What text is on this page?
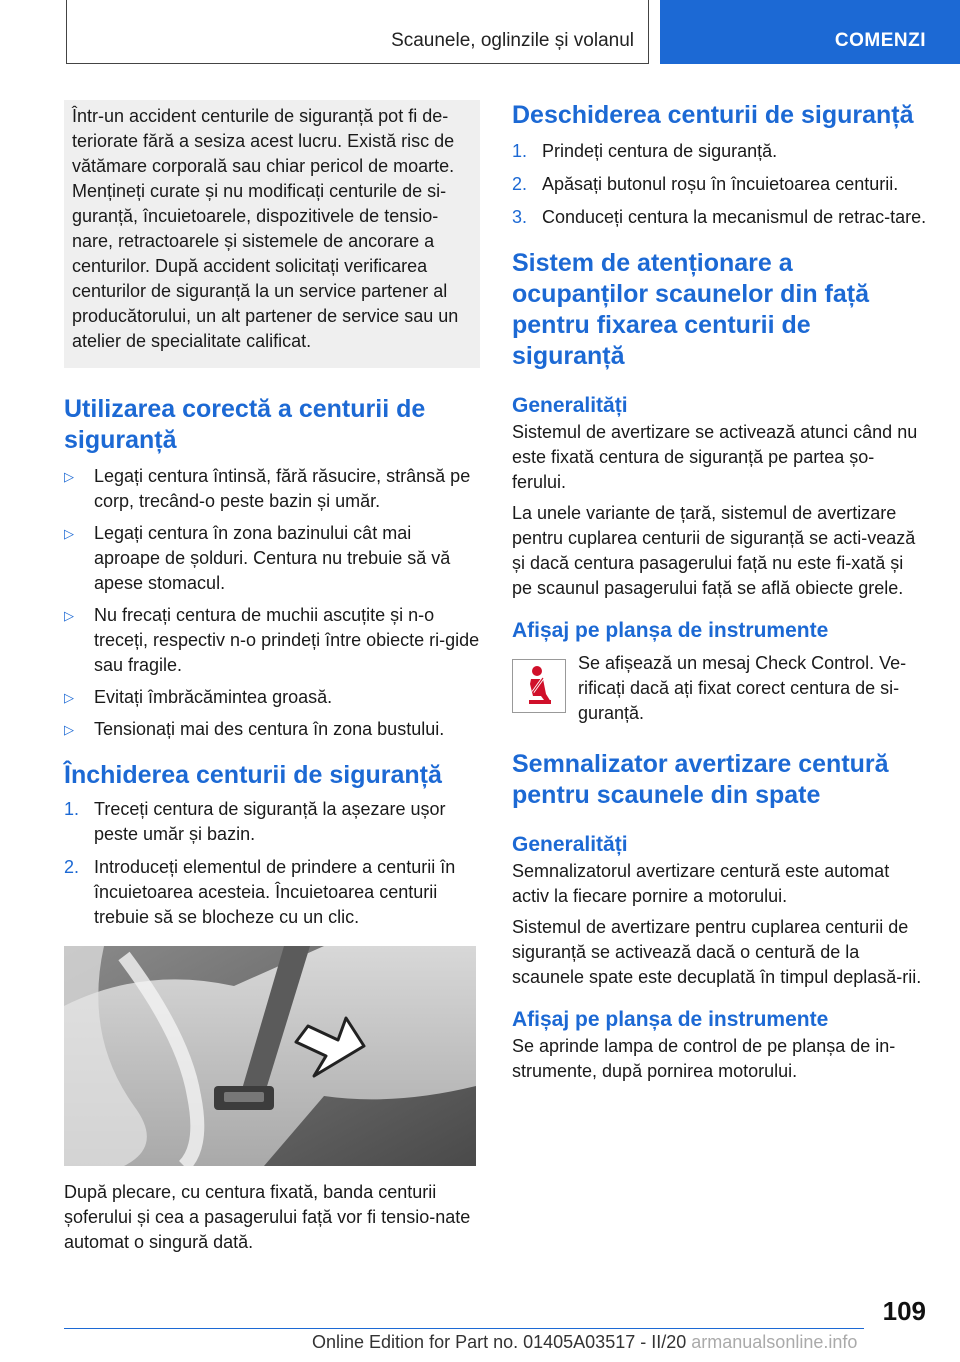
Scaunele, oglinzile și volanul	COMENZI

Într-un accident centurile de siguranță pot fi de-teriorate fără a sesiza acest lucru. Există risc de vătămare corporală sau chiar pericol de moarte. Mențineți curate și nu modificați centurile de si-guranță, încuietoarele, dispozitivele de tensio-nare, retractoarele și sistemele de ancorare a centurilor. După accident solicitați verificarea centurilor de siguranță la un service partener al producătorului, un alt partener de service sau un atelier de specialitate calificat.

Utilizarea corectă a centurii de siguranță
▷ Legați centura întinsă, fără răsucire, strânsă pe corp, trecând-o peste bazin și umăr.
▷ Legați centura în zona bazinului cât mai aproape de șolduri. Centura nu trebuie să vă apese stomacul.
▷ Nu frecați centura de muchii ascuțite și n-o treceți, respectiv n-o prindeți între obiecte ri-gide sau fragile.
▷ Evitați îmbrăcămintea groasă.
▷ Tensionați mai des centura în zona bustului.
Închiderea centurii de siguranță
1. Treceți centura de siguranță la așezare ușor peste umăr și bazin.
2. Introduceți elementul de prindere a centurii în încuietoarea acesteia. Încuietoarea centurii trebuie să se blocheze cu un clic.

După plecare, cu centura fixată, banda centurii șoferului și cea a pasagerului față vor fi tensio-nate automat o singură dată.

Deschiderea centurii de siguranță
1. Prindeți centura de siguranță.
2. Apăsați butonul roșu în încuietoarea centurii.
3. Conduceți centura la mecanismul de retrac-tare.
Sistem de atenționare a ocupanților scaunelor din față pentru fixarea centurii de siguranță
Generalități

Sistemul de avertizare se activează atunci când nu este fixată centura de siguranță pe partea șo-ferului.

La unele variante de țară, sistemul de avertizare pentru cuplarea centurii de siguranță se acti-vează și dacă centura pasagerului față nu este fi-xată și pe scaunul pasagerului față se află obiecte grele.

Afișaj pe planșa de instrumente
Se afișează un mesaj Check Control. Ve-rificați dacă ați fixat corect centura de si-guranță.
Semnalizator avertizare centură pentru scaunele din spate
Generalități

Semnalizatorul avertizare centură este automat activ la fiecare pornire a motorului.

Sistemul de avertizare pentru cuplarea centurii de siguranță se activează dacă o centură de la scaunele spate este decuplată în timpul deplasă-rii.

Afișaj pe planșa de instrumente

Se aprinde lampa de control de pe planșa de in-strumente, după pornirea motorului.

109
Online Edition for Part no. 01405A03517 - II/20 armanualsonline.info
